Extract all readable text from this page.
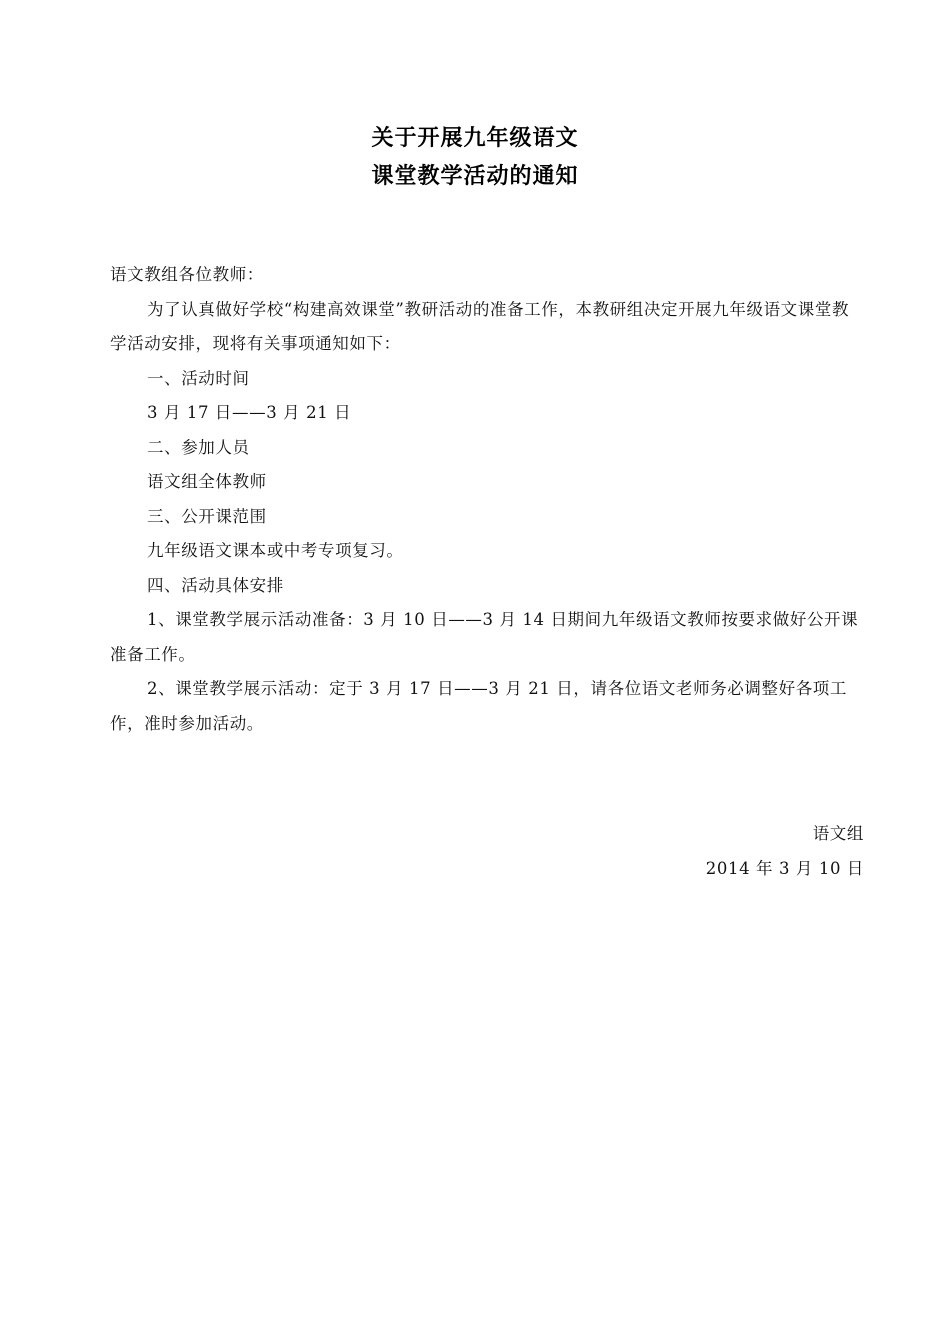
关于开展九年级语文
课堂教学活动的通知

语文教组各位教师：

为了认真做好学校“构建高效课堂”教研活动的准备工作，本教研组决定开展九年级语文课堂教学活动安排，现将有关事项通知如下：

一、活动时间

3 月 17 日——3 月 21 日

二、参加人员

语文组全体教师

三、公开课范围

九年级语文课本或中考专项复习。

四、活动具体安排

1、课堂教学展示活动准备：3 月 10 日——3 月 14 日期间九年级语文教师按要求做好公开课准备工作。

2、课堂教学展示活动：定于 3 月 17 日——3 月 21 日，请各位语文老师务必调整好各项工作，准时参加活动。

语文组
2014 年 3 月 10 日
